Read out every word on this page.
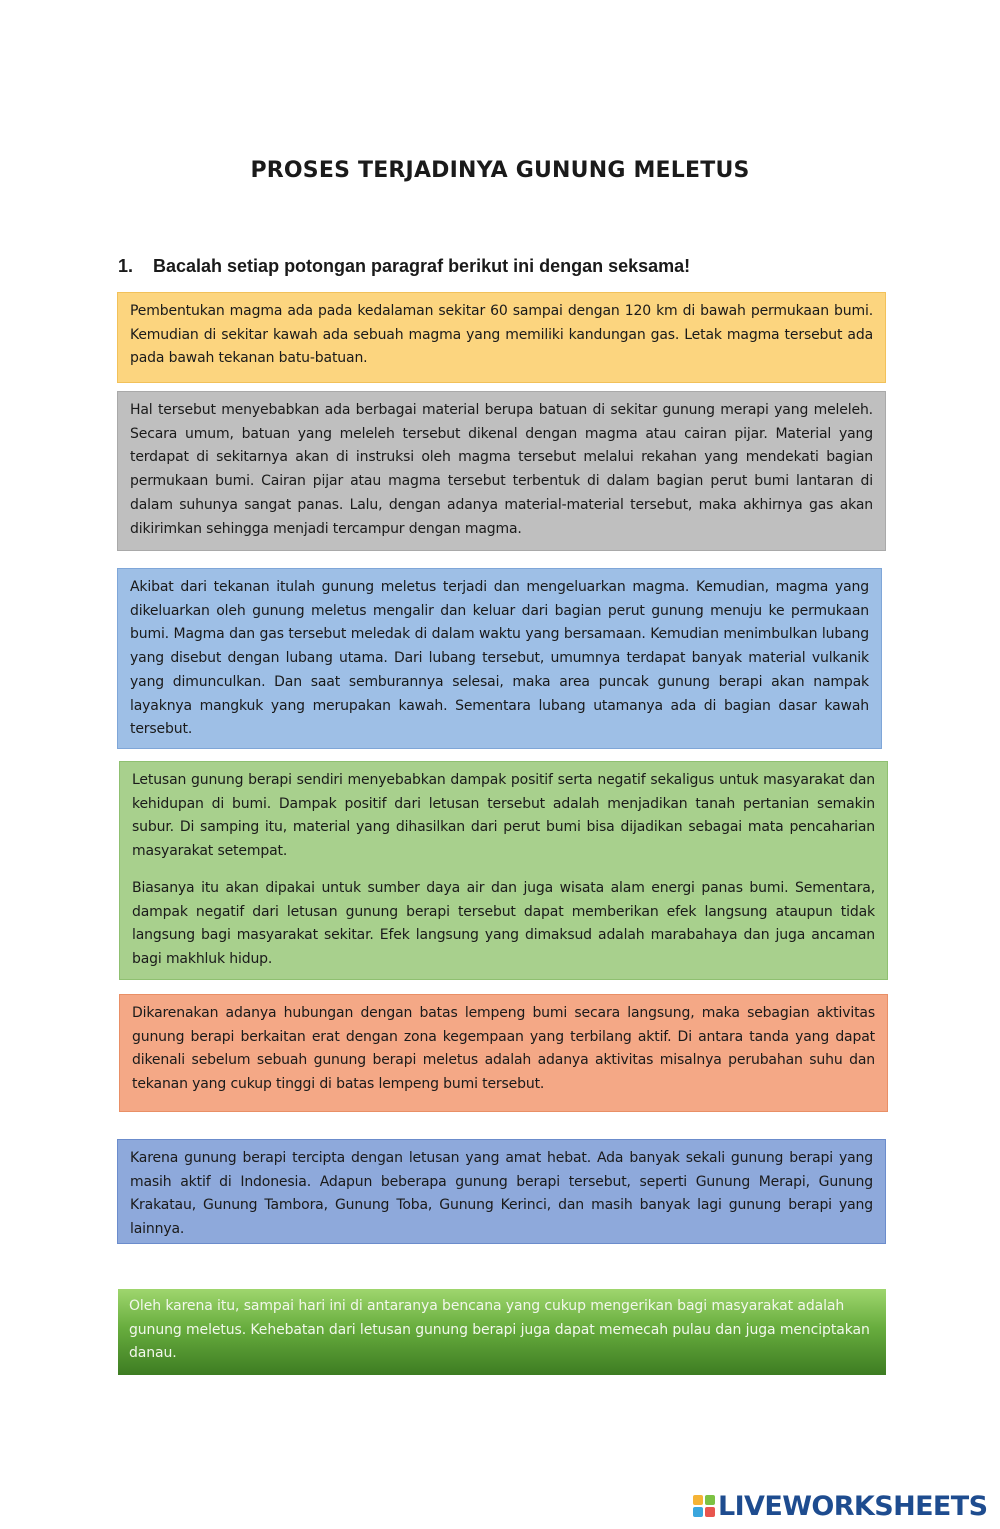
PROSES TERJADINYA GUNUNG MELETUS
1. Bacalah setiap potongan paragraf berikut ini dengan seksama!

Pembentukan magma ada pada kedalaman sekitar 60 sampai dengan 120 km di bawah permukaan bumi. Kemudian di sekitar kawah ada sebuah magma yang memiliki kandungan gas. Letak magma tersebut ada pada bawah tekanan batu-batuan.

Hal tersebut menyebabkan ada berbagai material berupa batuan di sekitar gunung merapi yang meleleh. Secara umum, batuan yang meleleh tersebut dikenal dengan magma atau cairan pijar. Material yang terdapat di sekitarnya akan di instruksi oleh magma tersebut melalui rekahan yang mendekati bagian permukaan bumi. Cairan pijar atau magma tersebut terbentuk di dalam bagian perut bumi lantaran di dalam suhunya sangat panas. Lalu, dengan adanya material-material tersebut, maka akhirnya gas akan dikirimkan sehingga menjadi tercampur dengan magma.

Akibat dari tekanan itulah gunung meletus terjadi dan mengeluarkan magma. Kemudian, magma yang dikeluarkan oleh gunung meletus mengalir dan keluar dari bagian perut gunung menuju ke permukaan bumi. Magma dan gas tersebut meledak di dalam waktu yang bersamaan. Kemudian menimbulkan lubang yang disebut dengan lubang utama. Dari lubang tersebut, umumnya terdapat banyak material vulkanik yang dimunculkan. Dan saat semburannya selesai, maka area puncak gunung berapi akan nampak layaknya mangkuk yang merupakan kawah. Sementara lubang utamanya ada di bagian dasar kawah tersebut.

Letusan gunung berapi sendiri menyebabkan dampak positif serta negatif sekaligus untuk masyarakat dan kehidupan di bumi. Dampak positif dari letusan tersebut adalah menjadikan tanah pertanian semakin subur. Di samping itu, material yang dihasilkan dari perut bumi bisa dijadikan sebagai mata pencaharian masyarakat setempat.

Biasanya itu akan dipakai untuk sumber daya air dan juga wisata alam energi panas bumi. Sementara, dampak negatif dari letusan gunung berapi tersebut dapat memberikan efek langsung ataupun tidak langsung bagi masyarakat sekitar. Efek langsung yang dimaksud adalah marabahaya dan juga ancaman bagi makhluk hidup.

Dikarenakan adanya hubungan dengan batas lempeng bumi secara langsung, maka sebagian aktivitas gunung berapi berkaitan erat dengan zona kegempaan yang terbilang aktif. Di antara tanda yang dapat dikenali sebelum sebuah gunung berapi meletus adalah adanya aktivitas misalnya perubahan suhu dan tekanan yang cukup tinggi di batas lempeng bumi tersebut.

Karena gunung berapi tercipta dengan letusan yang amat hebat. Ada banyak sekali gunung berapi yang masih aktif di Indonesia. Adapun beberapa gunung berapi tersebut, seperti Gunung Merapi, Gunung Krakatau, Gunung Tambora, Gunung Toba, Gunung Kerinci, dan masih banyak lagi gunung berapi yang lainnya.

Oleh karena itu, sampai hari ini di antaranya bencana yang cukup mengerikan bagi masyarakat adalah gunung meletus. Kehebatan dari letusan gunung berapi juga dapat memecah pulau dan juga menciptakan danau.

LIVEWORKSHEETS
